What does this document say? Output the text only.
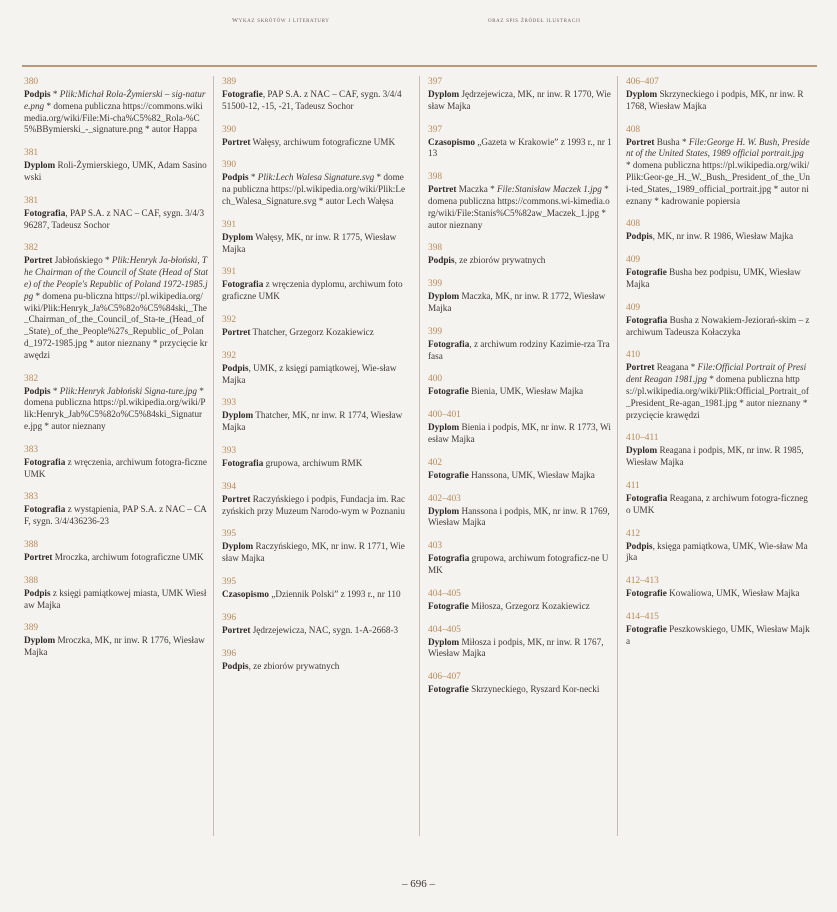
Wykaz skrótów i literatury	oraz spis źródeł ilustracji
380
Podpis * Plik:Michał Rola-Żymierski – sig-nature.png * domena publiczna https://commons.wikimedia.org/wiki/File:Mi-cha%C5%82_Rola-%C5%BBymierski_-_signature.png * autor Happa
381
Dyplom Roli-Żymierskiego, UMK, Adam Sasinowski
381
Fotografia, PAP S.A. z NAC – CAF, sygn. 3/4/396287, Tadeusz Sochor
382
Portret Jabłońskiego * Plik:Henryk Ja-błoński, The Chairman of the Council of State (Head of State) of the People's Republic of Poland 1972-1985.jpg * domena pu-bliczna https://pl.wikipedia.org/wiki/Plik:Henryk_Ja%C5%82o%C5%84ski,_The_Chairman_of_the_Council_of_Sta-te_(Head_of_State)_of_the_People%27s_Republic_of_Poland_1972-1985.jpg * autor nieznany * przycięcie krawędzi
382
Podpis * Plik:Henryk Jabłoński Signa-ture.jpg * domena publiczna https://pl.wikipedia.org/wiki/Plik:Henryk_Jab%C5%82o%C5%84ski_Signature.jpg * autor nieznany
383
Fotografia z wręczenia, archiwum fotogra-ficzne UMK
383
Fotografia z wystąpienia, PAP S.A. z NAC – CAF, sygn. 3/4/436236-23
388
Portret Mroczka, archiwum fotograficzne UMK
388
Podpis z księgi pamiątkowej miasta, UMK Wiesław Majka
389
Dyplom Mroczka, MK, nr inw. R 1776, Wiesław Majka
389
Fotografie, PAP S.A. z NAC – CAF, sygn. 3/4/451500-12, -15, -21, Tadeusz Sochor
390
Portret Wałęsy, archiwum fotograficzne UMK
390
Podpis * Plik:Lech Walesa Signature.svg * domena publiczna https://pl.wikipedia.org/wiki/Plik:Lech_Walesa_Signature.svg * autor Lech Wałęsa
391
Dyplom Wałęsy, MK, nr inw. R 1775, Wiesław Majka
391
Fotografia z wręczenia dyplomu, archiwum fotograficzne UMK
392
Portret Thatcher, Grzegorz Kozakiewicz
392
Podpis, UMK, z księgi pamiątkowej, Wie-sław Majka
393
Dyplom Thatcher, MK, nr inw. R 1774, Wiesław Majka
393
Fotografia grupowa, archiwum RMK
394
Portret Raczyńskiego i podpis, Fundacja im. Raczyńskich przy Muzeum Narodo-wym w Poznaniu
395
Dyplom Raczyńskiego, MK, nr inw. R 1771, Wiesław Majka
395
Czasopismo „Dziennik Polski” z 1993 r., nr 110
396
Portret Jędrzejewicza, NAC, sygn. 1-A-2668-3
396
Podpis, ze zbiorów prywatnych
397
Dyplom Jędrzejewicza, MK, nr inw. R 1770, Wiesław Majka
397
Czasopismo „Gazeta w Krakowie” z 1993 r., nr 113
398
Portret Maczka * File:Stanisław Maczek 1.jpg * domena publiczna https://commons.wi-kimedia.org/wiki/File:Stanis%C5%82aw_Maczek_1.jpg * autor nieznany
398
Podpis, ze zbiorów prywatnych
399
Dyplom Maczka, MK, nr inw. R 1772, Wiesław Majka
399
Fotografia, z archiwum rodziny Kazimie-rza Trafasa
400
Fotografie Bienia, UMK, Wiesław Majka
400–401
Dyplom Bienia i podpis, MK, nr inw. R 1773, Wiesław Majka
402
Fotografie Hanssona, UMK, Wiesław Majka
402–403
Dyplom Hanssona i podpis, MK, nr inw. R 1769, Wiesław Majka
403
Fotografia grupowa, archiwum fotograficz-ne UMK
404–405
Fotografie Miłosza, Grzegorz Kozakiewicz
404–405
Dyplom Miłosza i podpis, MK, nr inw. R 1767, Wiesław Majka
406–407
Fotografie Skrzyneckiego, Ryszard Kor-necki
406–407
Dyplom Skrzyneckiego i podpis, MK, nr inw. R 1768, Wiesław Majka
408
Portret Busha * File:George H. W. Bush, President of the United States, 1989 official portrait.jpg * domena publiczna https://pl.wikipedia.org/wiki/Plik:Geor-ge_H._W._Bush,_President_of_the_Uni-ted_States,_1989_official_portrait.jpg * autor nieznany * kadrowanie popiersia
408
Podpis, MK, nr inw. R 1986, Wiesław Majka
409
Fotografie Busha bez podpisu, UMK, Wiesław Majka
409
Fotografia Busha z Nowakiem-Jeziorań-skim – z archiwum Tadeusza Kołaczyka
410
Portret Reagana * File:Official Portrait of President Reagan 1981.jpg * domena publiczna https://pl.wikipedia.org/wiki/Plik:Official_Portrait_of_President_Re-agan_1981.jpg * autor nieznany * przycięcie krawędzi
410–411
Dyplom Reagana i podpis, MK, nr inw. R 1985, Wiesław Majka
411
Fotografia Reagana, z archiwum fotogra-ficznego UMK
412
Podpis, księga pamiątkowa, UMK, Wie-sław Majka
412–413
Fotografie Kowaliowa, UMK, Wiesław Majka
414–415
Fotografie Peszkowskiego, UMK, Wiesław Majka
– 696 –
